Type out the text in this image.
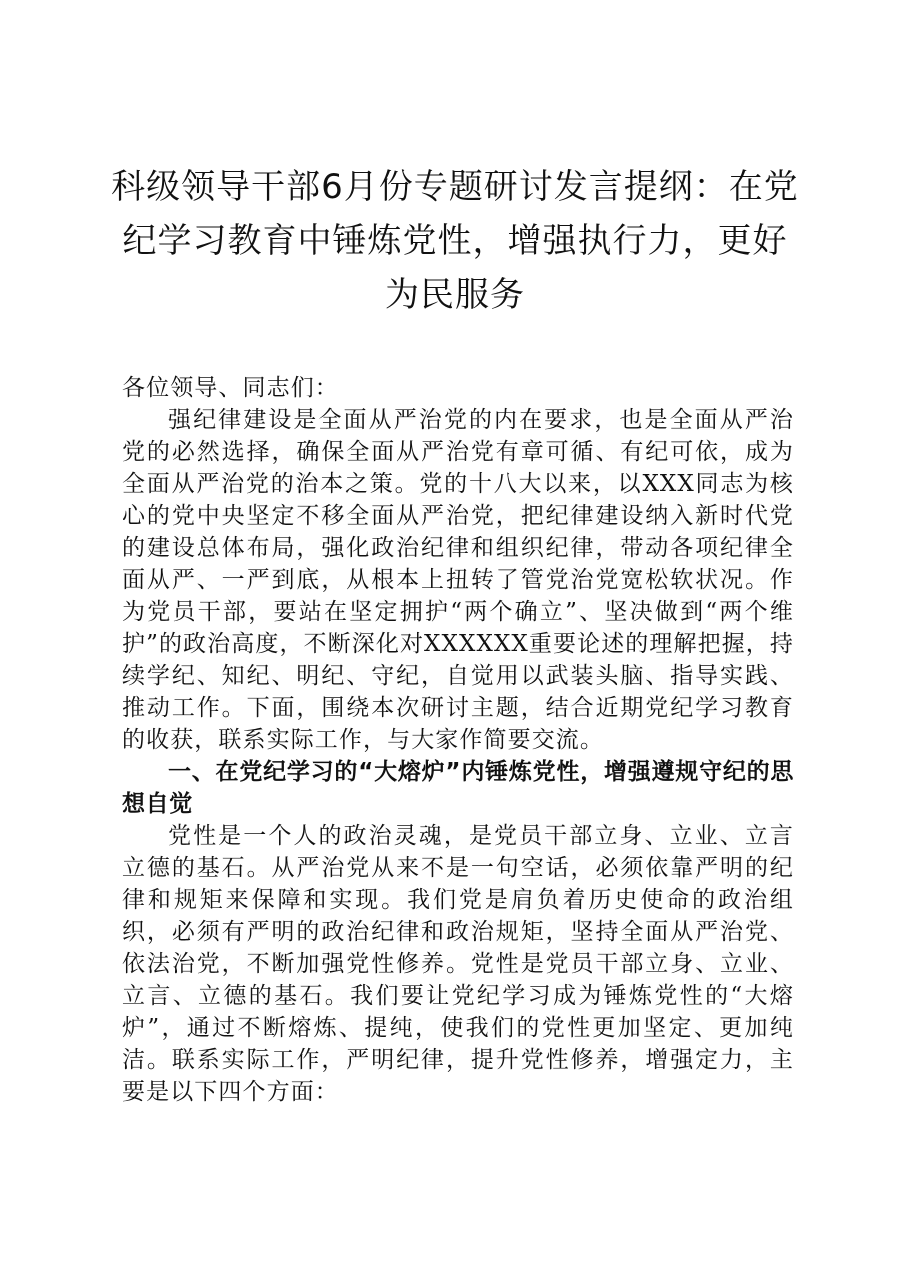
科级领导干部6月份专题研讨发言提纲：在党纪学习教育中锤炼党性，增强执行力，更好为民服务

各位领导、同志们：

强纪律建设是全面从严治党的内在要求，也是全面从严治党的必然选择，确保全面从严治党有章可循、有纪可依，成为全面从严治党的治本之策。党的十八大以来，以XXX同志为核心的党中央坚定不移全面从严治党，把纪律建设纳入新时代党的建设总体布局，强化政治纪律和组织纪律，带动各项纪律全面从严、一严到底，从根本上扭转了管党治党宽松软状况。作为党员干部，要站在坚定拥护“两个确立”、坚决做到“两个维护”的政治高度，不断深化对XXXXXX重要论述的理解把握，持续学纪、知纪、明纪、守纪，自觉用以武装头脑、指导实践、推动工作。下面，围绕本次研讨主题，结合近期党纪学习教育的收获，联系实际工作，与大家作简要交流。

一、在党纪学习的“大熔炉”内锤炼党性，增强遵规守纪的思想自觉

党性是一个人的政治灵魂，是党员干部立身、立业、立言立德的基石。从严治党从来不是一句空话，必须依靠严明的纪律和规矩来保障和实现。我们党是肩负着历史使命的政治组织，必须有严明的政治纪律和政治规矩，坚持全面从严治党、依法治党，不断加强党性修养。党性是党员干部立身、立业、立言、立德的基石。我们要让党纪学习成为锤炼党性的“大熔炉”，通过不断熔炼、提纯，使我们的党性更加坚定、更加纯洁。联系实际工作，严明纪律，提升党性修养，增强定力，主要是以下四个方面：
